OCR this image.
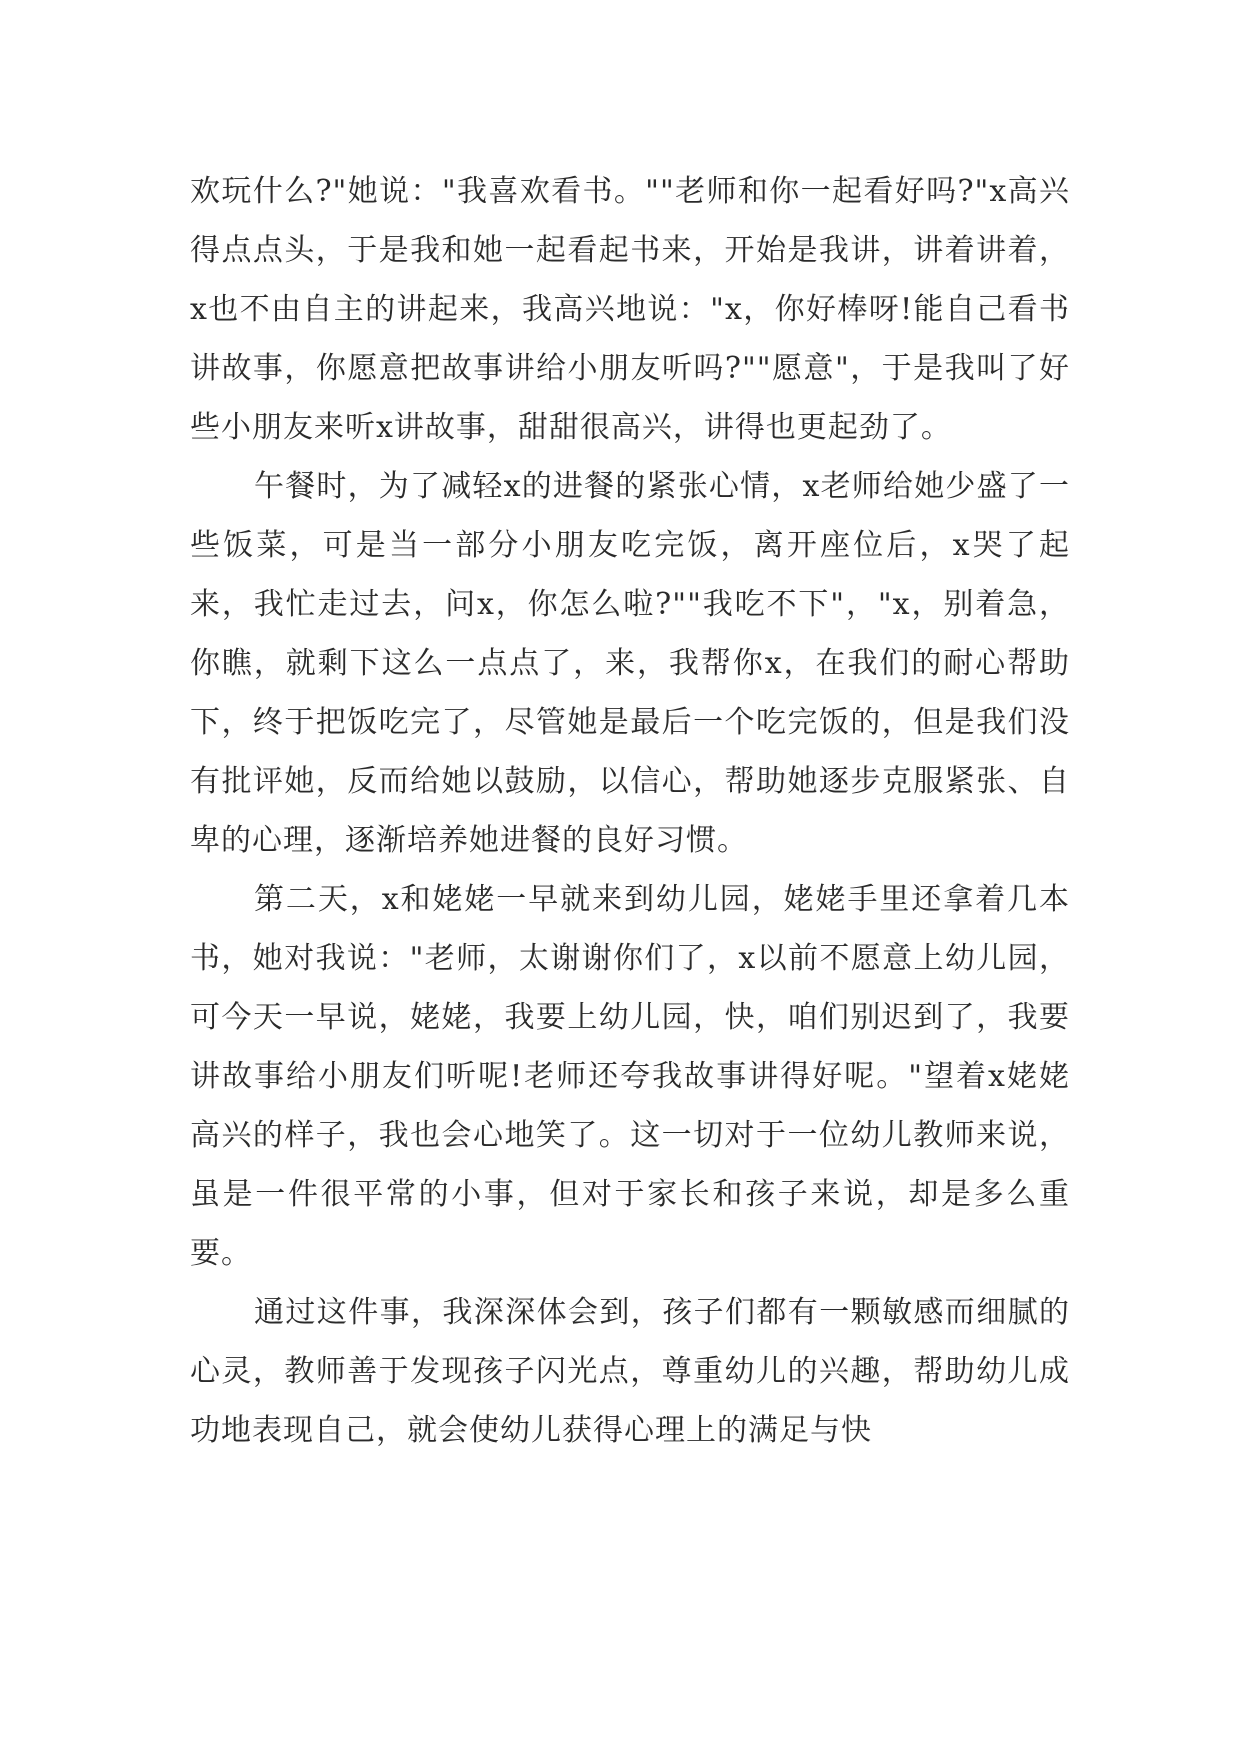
欢玩什么?"她说："我喜欢看书。""老师和你一起看好吗?"x高兴得点点头，于是我和她一起看起书来，开始是我讲，讲着讲着，x也不由自主的讲起来，我高兴地说："x，你好棒呀!能自己看书讲故事，你愿意把故事讲给小朋友听吗?""愿意"，于是我叫了好些小朋友来听x讲故事，甜甜很高兴，讲得也更起劲了。

午餐时，为了减轻x的进餐的紧张心情，x老师给她少盛了一些饭菜，可是当一部分小朋友吃完饭，离开座位后，x哭了起来，我忙走过去，问x，你怎么啦?""我吃不下"，"x，别着急，你瞧，就剩下这么一点点了，来，我帮你x，在我们的耐心帮助下，终于把饭吃完了，尽管她是最后一个吃完饭的，但是我们没有批评她，反而给她以鼓励，以信心，帮助她逐步克服紧张、自卑的心理，逐渐培养她进餐的良好习惯。

第二天，x和姥姥一早就来到幼儿园，姥姥手里还拿着几本书，她对我说："老师，太谢谢你们了，x以前不愿意上幼儿园，可今天一早说，姥姥，我要上幼儿园，快，咱们别迟到了，我要讲故事给小朋友们听呢!老师还夸我故事讲得好呢。"望着x姥姥高兴的样子，我也会心地笑了。这一切对于一位幼儿教师来说，虽是一件很平常的小事，但对于家长和孩子来说，却是多么重要。

通过这件事，我深深体会到，孩子们都有一颗敏感而细腻的心灵，教师善于发现孩子闪光点，尊重幼儿的兴趣，帮助幼儿成功地表现自己，就会使幼儿获得心理上的满足与快
